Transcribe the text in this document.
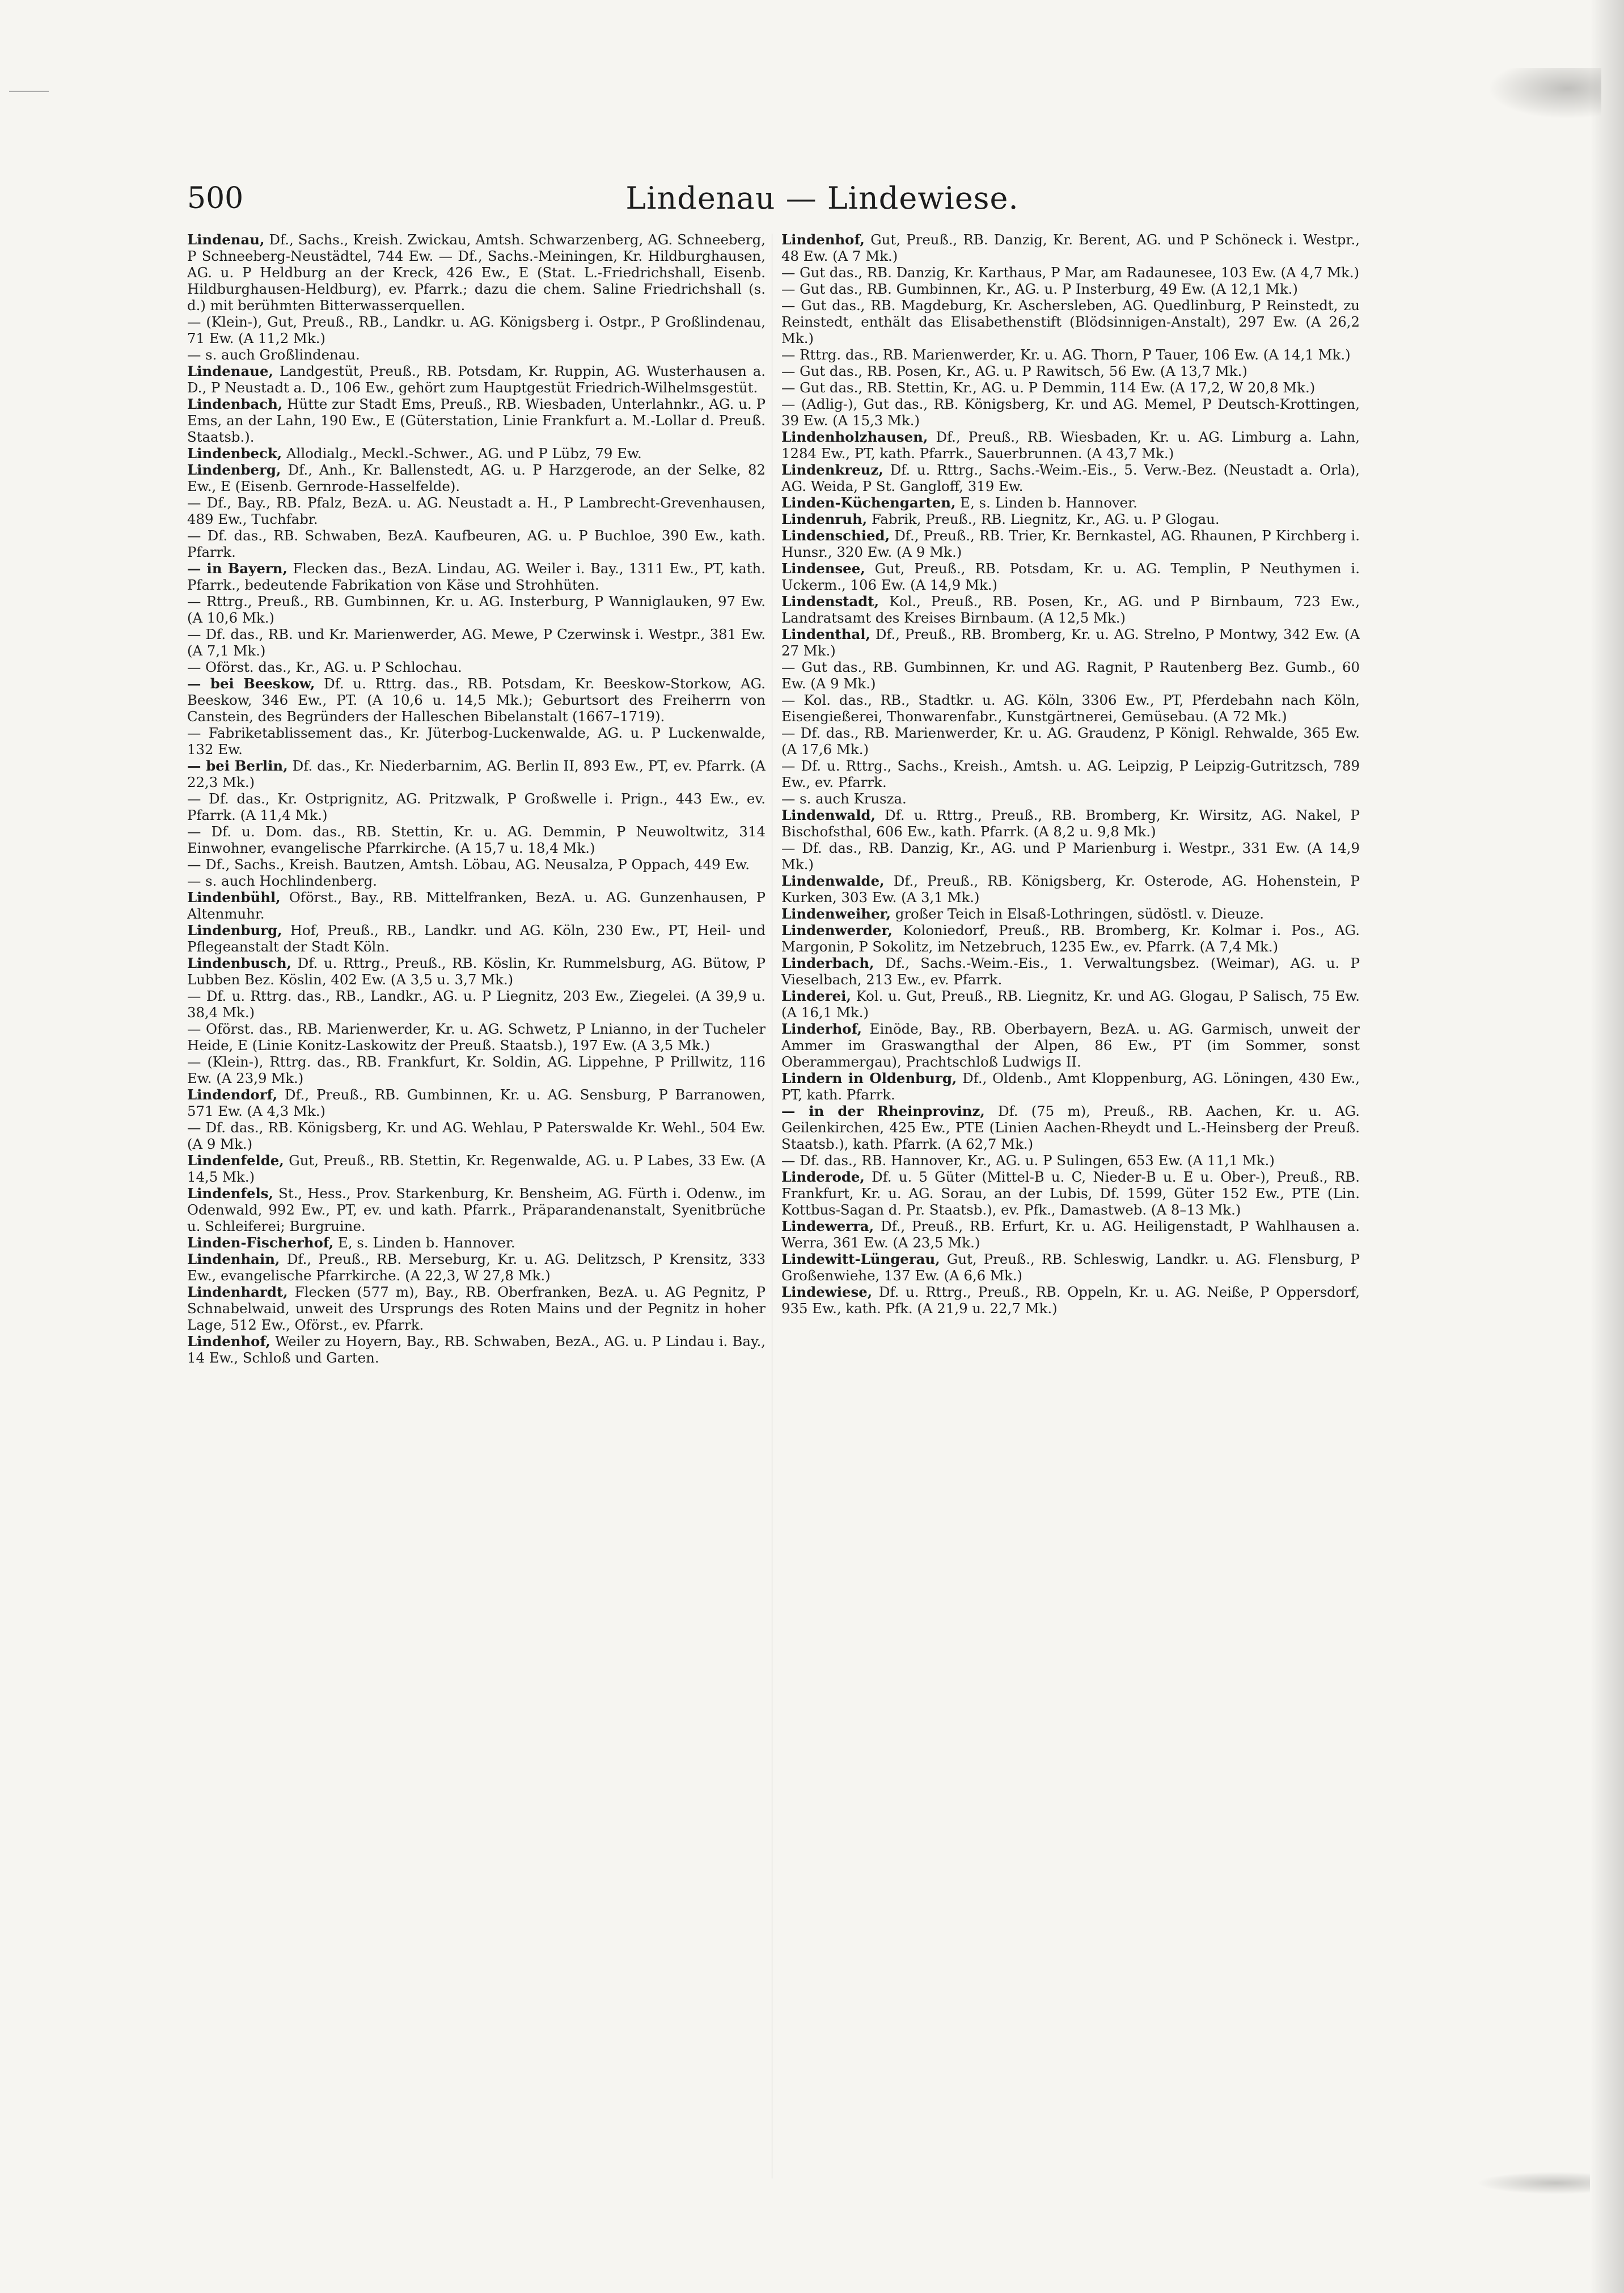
500	Lindenau — Lindewiese.

Lindenau, Df., Sachs., Kreish. Zwickau, Amtsh. Schwarzenberg, AG. Schneeberg, P Schneeberg-Neustädtel, 744 Ew. — Df., Sachs.-Meiningen, Kr. Hildburghausen, AG. u. P Heldburg an der Kreck, 426 Ew., E (Stat. L.-Friedrichshall, Eisenb. Hildburghausen-Heldburg), ev. Pfarrk.; dazu die chem. Saline Friedrichshall (s. d.) mit berühmten Bitterwasserquellen.

— (Klein-), Gut, Preuß., RB., Landkr. u. AG. Königsberg i. Ostpr., P Großlindenau, 71 Ew. (A 11,2 Mk.)

— s. auch Großlindenau.

Lindenaue, Landgestüt, Preuß., RB. Potsdam, Kr. Ruppin, AG. Wusterhausen a. D., P Neustadt a. D., 106 Ew., gehört zum Hauptgestüt Friedrich-Wilhelmsgestüt.

Lindenbach, Hütte zur Stadt Ems, Preuß., RB. Wiesbaden, Unterlahnkr., AG. u. P Ems, an der Lahn, 190 Ew., E (Güterstation, Linie Frankfurt a. M.-Lollar d. Preuß. Staatsb.).

Lindenbeck, Allodialg., Meckl.-Schwer., AG. und P Lübz, 79 Ew.

Lindenberg, Df., Anh., Kr. Ballenstedt, AG. u. P Harzgerode, an der Selke, 82 Ew., E (Eisenb. Gernrode-Hasselfelde).

— Df., Bay., RB. Pfalz, BezA. u. AG. Neustadt a. H., P Lambrecht-Grevenhausen, 489 Ew., Tuchfabr.

— Df. das., RB. Schwaben, BezA. Kaufbeuren, AG. u. P Buchloe, 390 Ew., kath. Pfarrk.

— in Bayern, Flecken das., BezA. Lindau, AG. Weiler i. Bay., 1311 Ew., PT, kath. Pfarrk., bedeutende Fabrikation von Käse und Strohhüten.

— Rttrg., Preuß., RB. Gumbinnen, Kr. u. AG. Insterburg, P Wanniglauken, 97 Ew. (A 10,6 Mk.)

— Df. das., RB. und Kr. Marienwerder, AG. Mewe, P Czerwinsk i. Westpr., 381 Ew. (A 7,1 Mk.)

— Oförst. das., Kr., AG. u. P Schlochau.

— bei Beeskow, Df. u. Rttrg. das., RB. Potsdam, Kr. Beeskow-Storkow, AG. Beeskow, 346 Ew., PT. (A 10,6 u. 14,5 Mk.); Geburtsort des Freiherrn von Canstein, des Begründers der Halleschen Bibelanstalt (1667–1719).

— Fabriketablissement das., Kr. Jüterbog-Luckenwalde, AG. u. P Luckenwalde, 132 Ew.

— bei Berlin, Df. das., Kr. Niederbarnim, AG. Berlin II, 893 Ew., PT, ev. Pfarrk. (A 22,3 Mk.)

— Df. das., Kr. Ostprignitz, AG. Pritzwalk, P Großwelle i. Prign., 443 Ew., ev. Pfarrk. (A 11,4 Mk.)

— Df. u. Dom. das., RB. Stettin, Kr. u. AG. Demmin, P Neuwoltwitz, 314 Einwohner, evangelische Pfarrkirche. (A 15,7 u. 18,4 Mk.)

— Df., Sachs., Kreish. Bautzen, Amtsh. Löbau, AG. Neusalza, P Oppach, 449 Ew.

— s. auch Hochlindenberg.

Lindenbühl, Oförst., Bay., RB. Mittelfranken, BezA. u. AG. Gunzenhausen, P Altenmuhr.

Lindenburg, Hof, Preuß., RB., Landkr. und AG. Köln, 230 Ew., PT, Heil- und Pflegeanstalt der Stadt Köln.

Lindenbusch, Df. u. Rttrg., Preuß., RB. Köslin, Kr. Rummelsburg, AG. Bütow, P Lubben Bez. Köslin, 402 Ew. (A 3,5 u. 3,7 Mk.)

— Df. u. Rttrg. das., RB., Landkr., AG. u. P Liegnitz, 203 Ew., Ziegelei. (A 39,9 u. 38,4 Mk.)

— Oförst. das., RB. Marienwerder, Kr. u. AG. Schwetz, P Lnianno, in der Tucheler Heide, E (Linie Konitz-Laskowitz der Preuß. Staatsb.), 197 Ew. (A 3,5 Mk.)

— (Klein-), Rttrg. das., RB. Frankfurt, Kr. Soldin, AG. Lippehne, P Prillwitz, 116 Ew. (A 23,9 Mk.)

Lindendorf, Df., Preuß., RB. Gumbinnen, Kr. u. AG. Sensburg, P Barranowen, 571 Ew. (A 4,3 Mk.)

— Df. das., RB. Königsberg, Kr. und AG. Wehlau, P Paterswalde Kr. Wehl., 504 Ew. (A 9 Mk.)

Lindenfelde, Gut, Preuß., RB. Stettin, Kr. Regenwalde, AG. u. P Labes, 33 Ew. (A 14,5 Mk.)

Lindenfels, St., Hess., Prov. Starkenburg, Kr. Bensheim, AG. Fürth i. Odenw., im Odenwald, 992 Ew., PT, ev. und kath. Pfarrk., Präparandenanstalt, Syenitbrüche u. Schleiferei; Burgruine.

Linden-Fischerhof, E, s. Linden b. Hannover.

Lindenhain, Df., Preuß., RB. Merseburg, Kr. u. AG. Delitzsch, P Krensitz, 333 Ew., evangelische Pfarrkirche. (A 22,3, W 27,8 Mk.)

Lindenhardt, Flecken (577 m), Bay., RB. Oberfranken, BezA. u. AG Pegnitz, P Schnabelwaid, unweit des Ursprungs des Roten Mains und der Pegnitz in hoher Lage, 512 Ew., Oförst., ev. Pfarrk.

Lindenhof, Weiler zu Hoyern, Bay., RB. Schwaben, BezA., AG. u. P Lindau i. Bay., 14 Ew., Schloß und Garten.

Lindenhof, Gut, Preuß., RB. Danzig, Kr. Berent, AG. und P Schöneck i. Westpr., 48 Ew. (A 7 Mk.)

— Gut das., RB. Danzig, Kr. Karthaus, P Mar, am Radaunesee, 103 Ew. (A 4,7 Mk.)

— Gut das., RB. Gumbinnen, Kr., AG. u. P Insterburg, 49 Ew. (A 12,1 Mk.)

— Gut das., RB. Magdeburg, Kr. Aschersleben, AG. Quedlinburg, P Reinstedt, zu Reinstedt, enthält das Elisabethenstift (Blödsinnigen-Anstalt), 297 Ew. (A 26,2 Mk.)

— Rttrg. das., RB. Marienwerder, Kr. u. AG. Thorn, P Tauer, 106 Ew. (A 14,1 Mk.)

— Gut das., RB. Posen, Kr., AG. u. P Rawitsch, 56 Ew. (A 13,7 Mk.)

— Gut das., RB. Stettin, Kr., AG. u. P Demmin, 114 Ew. (A 17,2, W 20,8 Mk.)

— (Adlig-), Gut das., RB. Königsberg, Kr. und AG. Memel, P Deutsch-Krottingen, 39 Ew. (A 15,3 Mk.)

Lindenholzhausen, Df., Preuß., RB. Wiesbaden, Kr. u. AG. Limburg a. Lahn, 1284 Ew., PT, kath. Pfarrk., Sauerbrunnen. (A 43,7 Mk.)

Lindenkreuz, Df. u. Rttrg., Sachs.-Weim.-Eis., 5. Verw.-Bez. (Neustadt a. Orla), AG. Weida, P St. Gangloff, 319 Ew.

Linden-Küchengarten, E, s. Linden b. Hannover.

Lindenruh, Fabrik, Preuß., RB. Liegnitz, Kr., AG. u. P Glogau.

Lindenschied, Df., Preuß., RB. Trier, Kr. Bernkastel, AG. Rhaunen, P Kirchberg i. Hunsr., 320 Ew. (A 9 Mk.)

Lindensee, Gut, Preuß., RB. Potsdam, Kr. u. AG. Templin, P Neuthymen i. Uckerm., 106 Ew. (A 14,9 Mk.)

Lindenstadt, Kol., Preuß., RB. Posen, Kr., AG. und P Birnbaum, 723 Ew., Landratsamt des Kreises Birnbaum. (A 12,5 Mk.)

Lindenthal, Df., Preuß., RB. Bromberg, Kr. u. AG. Strelno, P Montwy, 342 Ew. (A 27 Mk.)

— Gut das., RB. Gumbinnen, Kr. und AG. Ragnit, P Rautenberg Bez. Gumb., 60 Ew. (A 9 Mk.)

— Kol. das., RB., Stadtkr. u. AG. Köln, 3306 Ew., PT, Pferdebahn nach Köln, Eisengießerei, Thonwarenfabr., Kunstgärtnerei, Gemüsebau. (A 72 Mk.)

— Df. das., RB. Marienwerder, Kr. u. AG. Graudenz, P Königl. Rehwalde, 365 Ew. (A 17,6 Mk.)

— Df. u. Rttrg., Sachs., Kreish., Amtsh. u. AG. Leipzig, P Leipzig-Gutritzsch, 789 Ew., ev. Pfarrk.

— s. auch Kruszа.

Lindenwald, Df. u. Rttrg., Preuß., RB. Bromberg, Kr. Wirsitz, AG. Nakel, P Bischofsthal, 606 Ew., kath. Pfarrk. (A 8,2 u. 9,8 Mk.)

— Df. das., RB. Danzig, Kr., AG. und P Marienburg i. Westpr., 331 Ew. (A 14,9 Mk.)

Lindenwalde, Df., Preuß., RB. Königsberg, Kr. Osterode, AG. Hohenstein, P Kurken, 303 Ew. (A 3,1 Mk.)

Lindenweiher, großer Teich in Elsaß-Lothringen, südöstl. v. Dieuze.

Lindenwerder, Koloniedorf, Preuß., RB. Bromberg, Kr. Kolmar i. Pos., AG. Margonin, P Sokolitz, im Netzebruch, 1235 Ew., ev. Pfarrk. (A 7,4 Mk.)

Linderbach, Df., Sachs.-Weim.-Eis., 1. Verwaltungsbez. (Weimar), AG. u. P Vieselbach, 213 Ew., ev. Pfarrk.

Linderei, Kol. u. Gut, Preuß., RB. Liegnitz, Kr. und AG. Glogau, P Salisch, 75 Ew. (A 16,1 Mk.)

Linderhof, Einöde, Bay., RB. Oberbayern, BezA. u. AG. Garmisch, unweit der Ammer im Graswangthal der Alpen, 86 Ew., PT (im Sommer, sonst Oberammergau), Prachtschloß Ludwigs II.

Lindern in Oldenburg, Df., Oldenb., Amt Kloppenburg, AG. Löningen, 430 Ew., PT, kath. Pfarrk.

— in der Rheinprovinz, Df. (75 m), Preuß., RB. Aachen, Kr. u. AG. Geilenkirchen, 425 Ew., PTE (Linien Aachen-Rheydt und L.-Heinsberg der Preuß. Staatsb.), kath. Pfarrk. (A 62,7 Mk.)

— Df. das., RB. Hannover, Kr., AG. u. P Sulingen, 653 Ew. (A 11,1 Mk.)

Linderode, Df. u. 5 Güter (Mittel-B u. C, Nieder-B u. E u. Ober-), Preuß., RB. Frankfurt, Kr. u. AG. Sorau, an der Lubis, Df. 1599, Güter 152 Ew., PTE (Lin. Kottbus-Sagan d. Pr. Staatsb.), ev. Pfk., Damastweb. (A 8–13 Mk.)

Lindewerra, Df., Preuß., RB. Erfurt, Kr. u. AG. Heiligenstadt, P Wahlhausen a. Werra, 361 Ew. (A 23,5 Mk.)

Lindewitt-Lüngerau, Gut, Preuß., RB. Schleswig, Landkr. u. AG. Flensburg, P Großenwiehe, 137 Ew. (A 6,6 Mk.)

Lindewiese, Df. u. Rttrg., Preuß., RB. Oppeln, Kr. u. AG. Neiße, P Oppersdorf, 935 Ew., kath. Pfk. (A 21,9 u. 22,7 Mk.)
